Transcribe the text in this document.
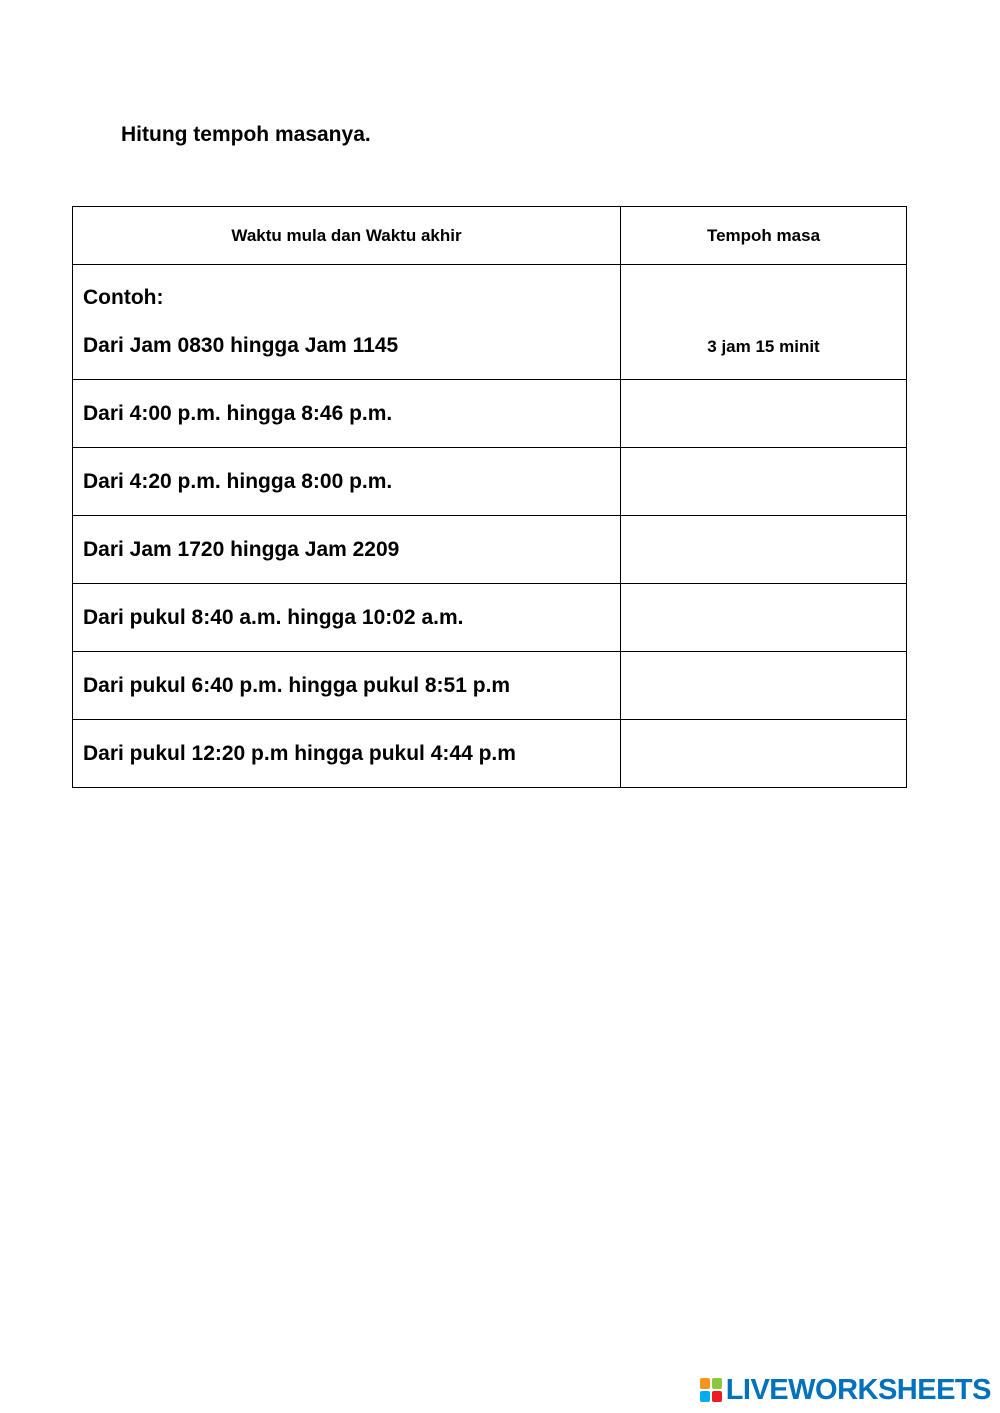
Hitung tempoh masanya.

Waktu mula dan Waktu akhir	Tempoh masa

Contoh:
Dari Jam 0830 hingga Jam 1145	3 jam 15 minit

Dari 4:00 p.m. hingga 8:46 p.m.	
Dari 4:20 p.m. hingga 8:00 p.m.	
Dari Jam 1720 hingga Jam 2209	
Dari pukul 8:40 a.m. hingga 10:02 a.m.	
Dari pukul 6:40 p.m. hingga pukul 8:51 p.m	
Dari pukul 12:20 p.m hingga pukul 4:44 p.m	
LIVEWORKSHEETS
